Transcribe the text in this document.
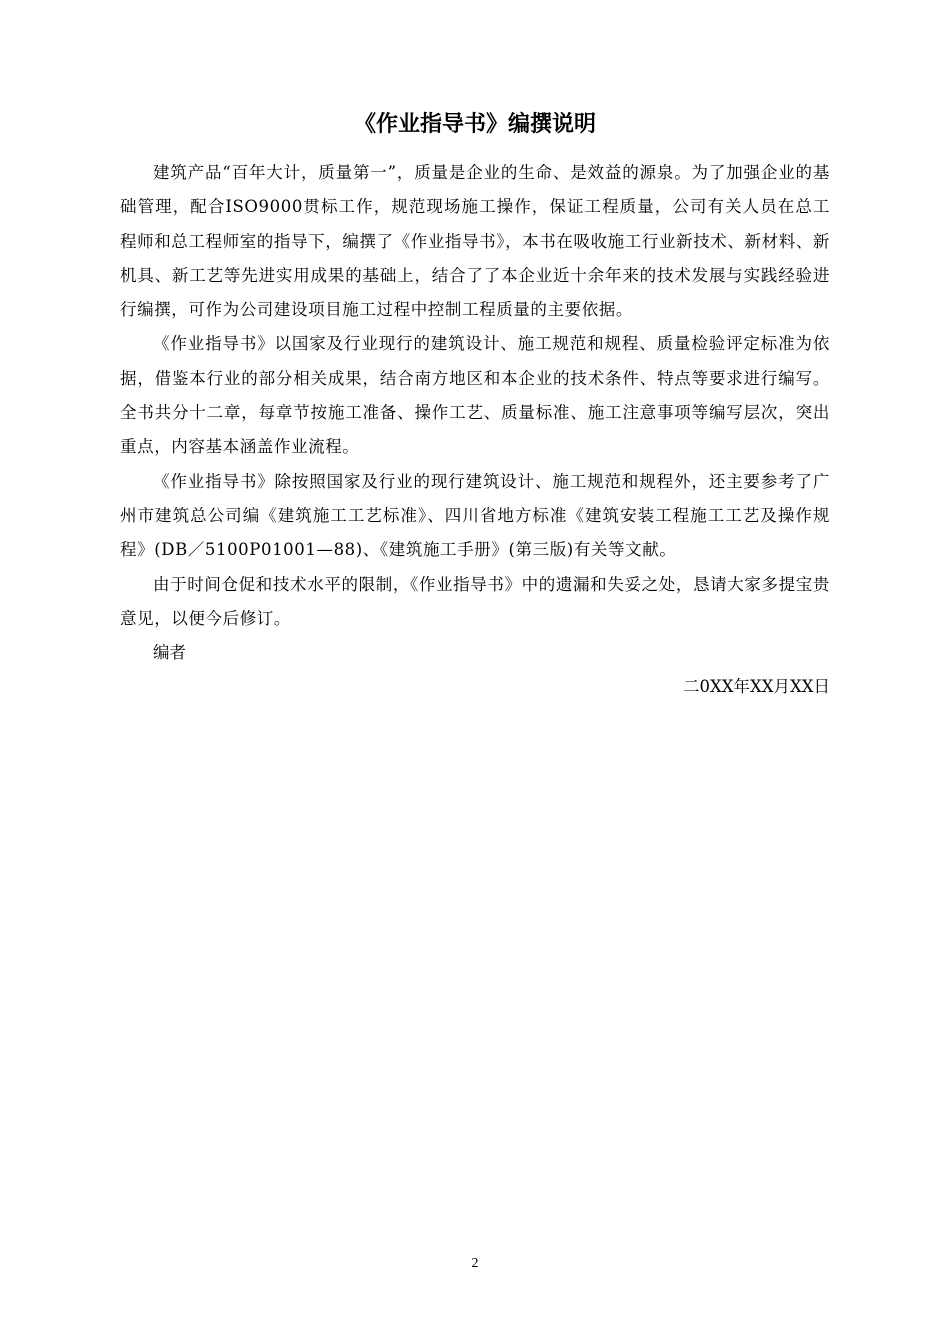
《作业指导书》编撰说明

建筑产品“百年大计，质量第一”，质量是企业的生命、是效益的源泉。为了加强企业的基础管理，配合ISO9000贯标工作，规范现场施工操作，保证工程质量，公司有关人员在总工程师和总工程师室的指导下，编撰了《作业指导书》，本书在吸收施工行业新技术、新材料、新机具、新工艺等先进实用成果的基础上，结合了了本企业近十余年来的技术发展与实践经验进行编撰，可作为公司建设项目施工过程中控制工程质量的主要依据。

《作业指导书》以国家及行业现行的建筑设计、施工规范和规程、质量检验评定标准为依据，借鉴本行业的部分相关成果，结合南方地区和本企业的技术条件、特点等要求进行编写。全书共分十二章，每章节按施工准备、操作工艺、质量标准、施工注意事项等编写层次，突出重点，内容基本涵盖作业流程。

《作业指导书》除按照国家及行业的现行建筑设计、施工规范和规程外，还主要参考了广州市建筑总公司编《建筑施工工艺标准》、四川省地方标准《建筑安装工程施工工艺及操作规程》(DB／5100P01001—88)、《建筑施工手册》(第三版)有关等文献。

由于时间仓促和技术水平的限制，《作业指导书》中的遗漏和失妥之处，恳请大家多提宝贵意见，以便今后修订。

编者

二0XX年XX月XX日

2
